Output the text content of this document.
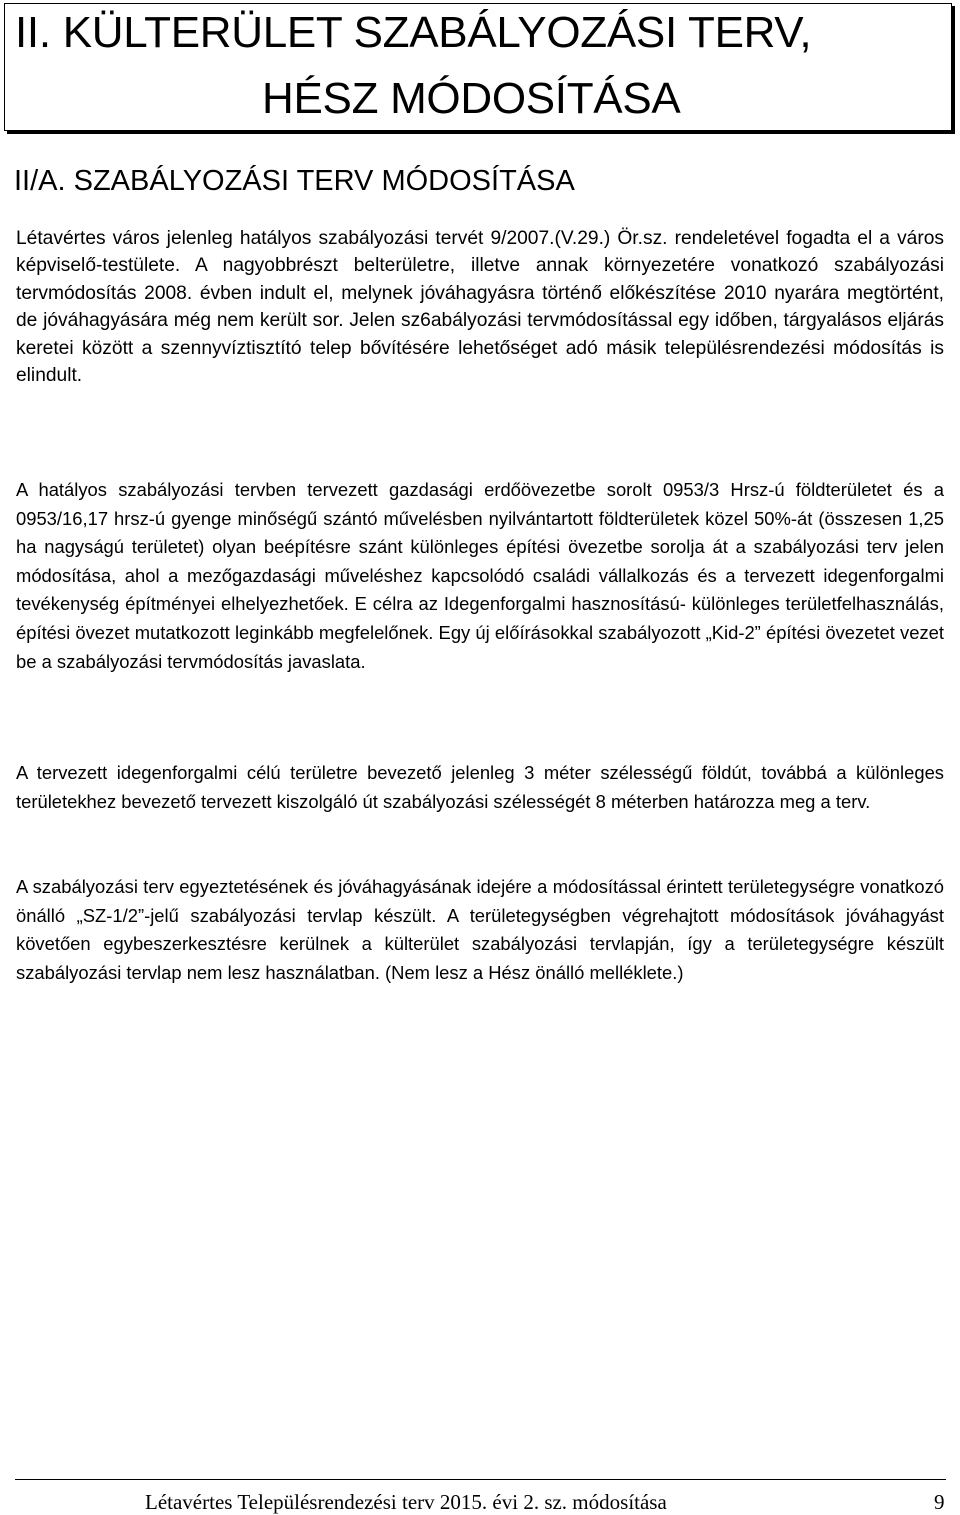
II. KÜLTERÜLET SZABÁLYOZÁSI TERV,
HÉSZ MÓDOSÍTÁSA
II/A. SZABÁLYOZÁSI TERV MÓDOSÍTÁSA

Létavértes város jelenleg hatályos szabályozási tervét 9/2007.(V.29.) Ör.sz. rendeletével fogadta el a város képviselő-testülete. A nagyobbrészt belterületre, illetve annak környezetére vonatkozó szabályozási tervmódosítás 2008. évben indult el, melynek jóváhagyásra történő előkészítése 2010 nyarára megtörtént, de jóváhagyására még nem került sor. Jelen sz6abályozási tervmódosítással egy időben, tárgyalásos eljárás keretei között a szennyvíztisztító telep bővítésére lehetőséget adó másik településrendezési módosítás is elindult.

A hatályos szabályozási tervben tervezett gazdasági erdőövezetbe sorolt 0953/3 Hrsz-ú földterületet és a 0953/16,17 hrsz-ú gyenge minőségű szántó művelésben nyilvántartott földterületek közel 50%-át (összesen 1,25 ha nagyságú területet) olyan beépítésre szánt különleges építési övezetbe sorolja át a szabályozási terv jelen módosítása, ahol a mezőgazdasági műveléshez kapcsolódó családi vállalkozás és a tervezett idegenforgalmi tevékenység építményei elhelyezhetőek. E célra az Idegenforgalmi hasznosítású- különleges területfelhasználás, építési övezet mutatkozott leginkább megfelelőnek. Egy új előírásokkal szabályozott „Kid-2” építési övezetet vezet be a szabályozási tervmódosítás javaslata.

A tervezett idegenforgalmi célú területre bevezető jelenleg 3 méter szélességű földút, továbbá a különleges területekhez bevezető tervezett kiszolgáló út szabályozási szélességét 8 méterben határozza meg a terv.

A szabályozási terv egyeztetésének és jóváhagyásának idejére a módosítással érintett területegységre vonatkozó önálló „SZ-1/2”-jelű szabályozási tervlap készült. A területegységben végrehajtott módosítások jóváhagyást követően egybeszerkesztésre kerülnek a külterület szabályozási tervlapján, így a területegységre készült szabályozási tervlap nem lesz használatban. (Nem lesz a Hész önálló melléklete.)

Létavértes Településrendezési terv 2015. évi 2. sz. módosítása	9
